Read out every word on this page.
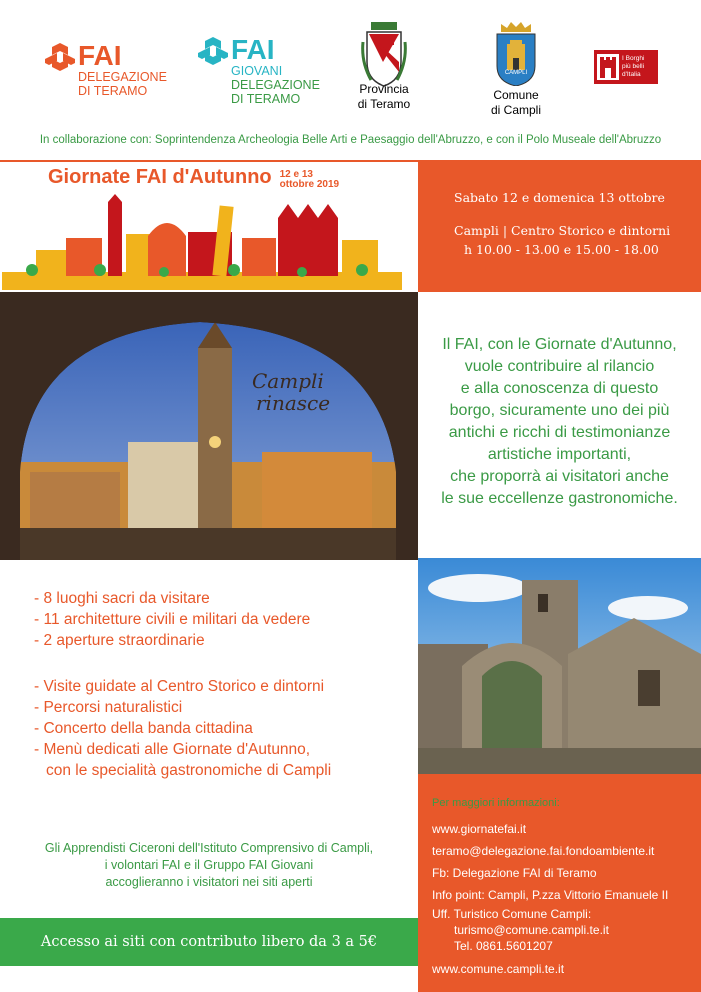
FAI
DELEGAZIONE
DI TERAMO
FAI
GIOVANI
DELEGAZIONE
DI TERAMO
Provincia
di Teramo
CAMPLI
Comune
di Campli
I Borghi
più belli
d'Italia
In collaborazione con: Soprintendenza Archeologia Belle Arti e Paesaggio dell'Abruzzo, e con il Polo Museale dell'Abruzzo
Giornate FAI d'Autunno 12 e 13
ottobre 2019
Sabato 12 e domenica 13 ottobre
Campli | Centro Storico e dintorni
h 10.00 - 13.00 e 15.00 - 18.00
Campli
rinasce
Il FAI, con le Giornate d'Autunno,
vuole contribuire al rilancio
e alla conoscenza di questo
borgo, sicuramente uno dei più
antichi e ricchi di testimonianze
artistiche importanti,
che proporrà ai visitatori anche
le sue eccellenze gastronomiche.
- 8 luoghi sacri da visitare
- 11 architetture civili e militari da vedere
- 2 aperture straordinarie
- Visite guidate al Centro Storico e dintorni
- Percorsi naturalistici
- Concerto della banda cittadina
- Menù dedicati alle Giornate d'Autunno,
con le specialità gastronomiche di Campli
Gli Apprendisti Ciceroni dell'Istituto Comprensivo di Campli,
i volontari FAI e il Gruppo FAI Giovani
accoglieranno i visitatori nei siti aperti
Accesso ai siti con contributo libero da 3 a 5€
Per maggiori informazioni:
www.giornatefai.it
teramo@delegazione.fai.fondoambiente.it
Fb: Delegazione FAI di Teramo
Info point: Campli, P.zza Vittorio Emanuele II
Uff. Turistico Comune Campli:
turismo@comune.campli.te.it
Tel. 0861.5601207
www.comune.campli.te.it
